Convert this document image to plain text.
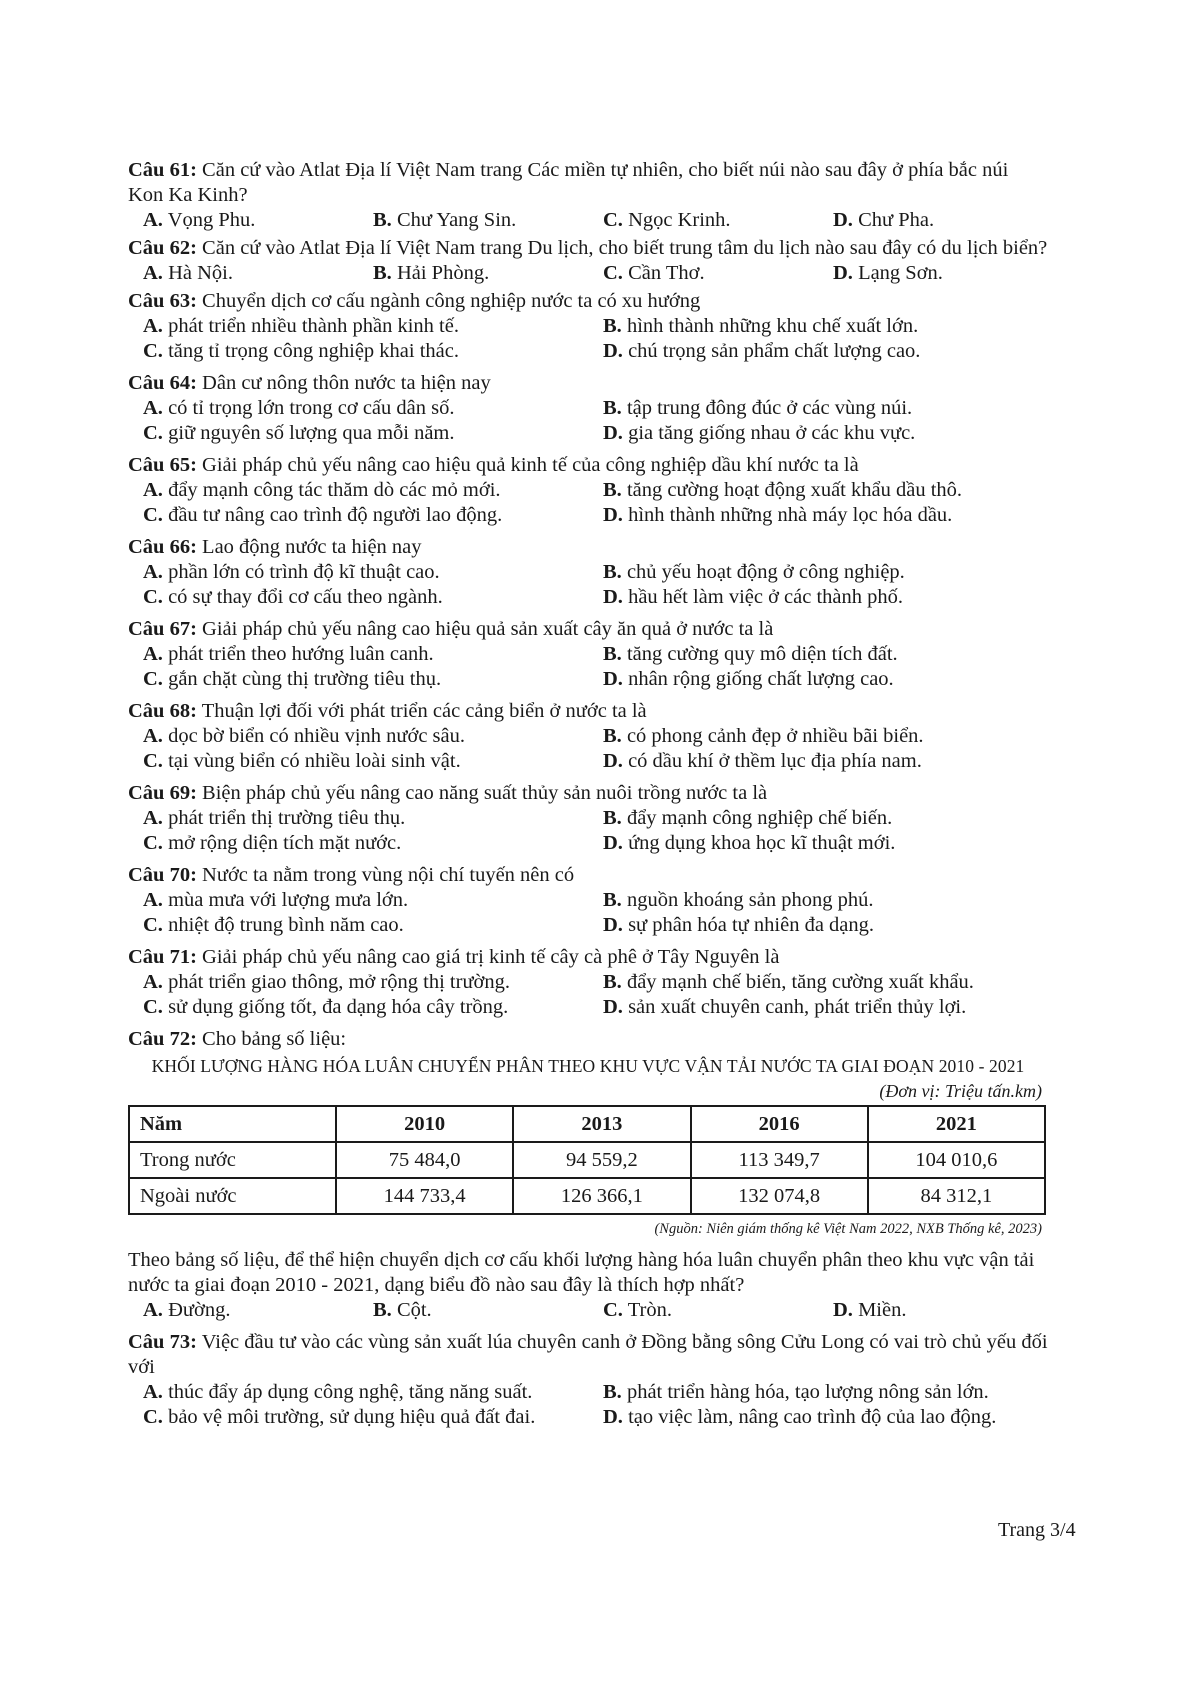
Câu 61: Căn cứ vào Atlat Địa lí Việt Nam trang Các miền tự nhiên, cho biết núi nào sau đây ở phía bắc núi Kon Ka Kinh?

A. Vọng Phu.	B. Chư Yang Sin.	C. Ngọc Krinh.	D. Chư Pha.

Câu 62: Căn cứ vào Atlat Địa lí Việt Nam trang Du lịch, cho biết trung tâm du lịch nào sau đây có du lịch biển?

A. Hà Nội.	B. Hải Phòng.	C. Cần Thơ.	D. Lạng Sơn.

Câu 63: Chuyển dịch cơ cấu ngành công nghiệp nước ta có xu hướng

A. phát triển nhiều thành phần kinh tế.	B. hình thành những khu chế xuất lớn.
C. tăng tỉ trọng công nghiệp khai thác.	D. chú trọng sản phẩm chất lượng cao.

Câu 64: Dân cư nông thôn nước ta hiện nay

A. có tỉ trọng lớn trong cơ cấu dân số.	B. tập trung đông đúc ở các vùng núi.
C. giữ nguyên số lượng qua mỗi năm.	D. gia tăng giống nhau ở các khu vực.

Câu 65: Giải pháp chủ yếu nâng cao hiệu quả kinh tế của công nghiệp dầu khí nước ta là

A. đẩy mạnh công tác thăm dò các mỏ mới.	B. tăng cường hoạt động xuất khẩu dầu thô.
C. đầu tư nâng cao trình độ người lao động.	D. hình thành những nhà máy lọc hóa dầu.

Câu 66: Lao động nước ta hiện nay

A. phần lớn có trình độ kĩ thuật cao.	B. chủ yếu hoạt động ở công nghiệp.
C. có sự thay đổi cơ cấu theo ngành.	D. hầu hết làm việc ở các thành phố.

Câu 67: Giải pháp chủ yếu nâng cao hiệu quả sản xuất cây ăn quả ở nước ta là

A. phát triển theo hướng luân canh.	B. tăng cường quy mô diện tích đất.
C. gắn chặt cùng thị trường tiêu thụ.	D. nhân rộng giống chất lượng cao.

Câu 68: Thuận lợi đối với phát triển các cảng biển ở nước ta là

A. dọc bờ biển có nhiều vịnh nước sâu.	B. có phong cảnh đẹp ở nhiều bãi biển.
C. tại vùng biển có nhiều loài sinh vật.	D. có dầu khí ở thềm lục địa phía nam.

Câu 69: Biện pháp chủ yếu nâng cao năng suất thủy sản nuôi trồng nước ta là

A. phát triển thị trường tiêu thụ.	B. đẩy mạnh công nghiệp chế biến.
C. mở rộng diện tích mặt nước.	D. ứng dụng khoa học kĩ thuật mới.

Câu 70: Nước ta nằm trong vùng nội chí tuyến nên có

A. mùa mưa với lượng mưa lớn.	B. nguồn khoáng sản phong phú.
C. nhiệt độ trung bình năm cao.	D. sự phân hóa tự nhiên đa dạng.

Câu 71: Giải pháp chủ yếu nâng cao giá trị kinh tế cây cà phê ở Tây Nguyên là

A. phát triển giao thông, mở rộng thị trường.	B. đẩy mạnh chế biến, tăng cường xuất khẩu.
C. sử dụng giống tốt, đa dạng hóa cây trồng.	D. sản xuất chuyên canh, phát triển thủy lợi.

Câu 72: Cho bảng số liệu:

KHỐI LƯỢNG HÀNG HÓA LUÂN CHUYỂN PHÂN THEO KHU VỰC VẬN TẢI NƯỚC TA GIAI ĐOẠN 2010 - 2021
(Đơn vị: Triệu tấn.km)
Năm	2010	2013	2016	2021
Trong nước	75 484,0	94 559,2	113 349,7	104 010,6
Ngoài nước	144 733,4	126 366,1	132 074,8	84 312,1
(Nguồn: Niên giám thống kê Việt Nam 2022, NXB Thống kê, 2023)

Theo bảng số liệu, để thể hiện chuyển dịch cơ cấu khối lượng hàng hóa luân chuyển phân theo khu vực vận tải nước ta giai đoạn 2010 - 2021, dạng biểu đồ nào sau đây là thích hợp nhất?

A. Đường.	B. Cột.	C. Tròn.	D. Miền.

Câu 73: Việc đầu tư vào các vùng sản xuất lúa chuyên canh ở Đồng bằng sông Cửu Long có vai trò chủ yếu đối với

A. thúc đẩy áp dụng công nghệ, tăng năng suất.	B. phát triển hàng hóa, tạo lượng nông sản lớn.
C. bảo vệ môi trường, sử dụng hiệu quả đất đai.	D. tạo việc làm, nâng cao trình độ của lao động.
Trang 3/4
